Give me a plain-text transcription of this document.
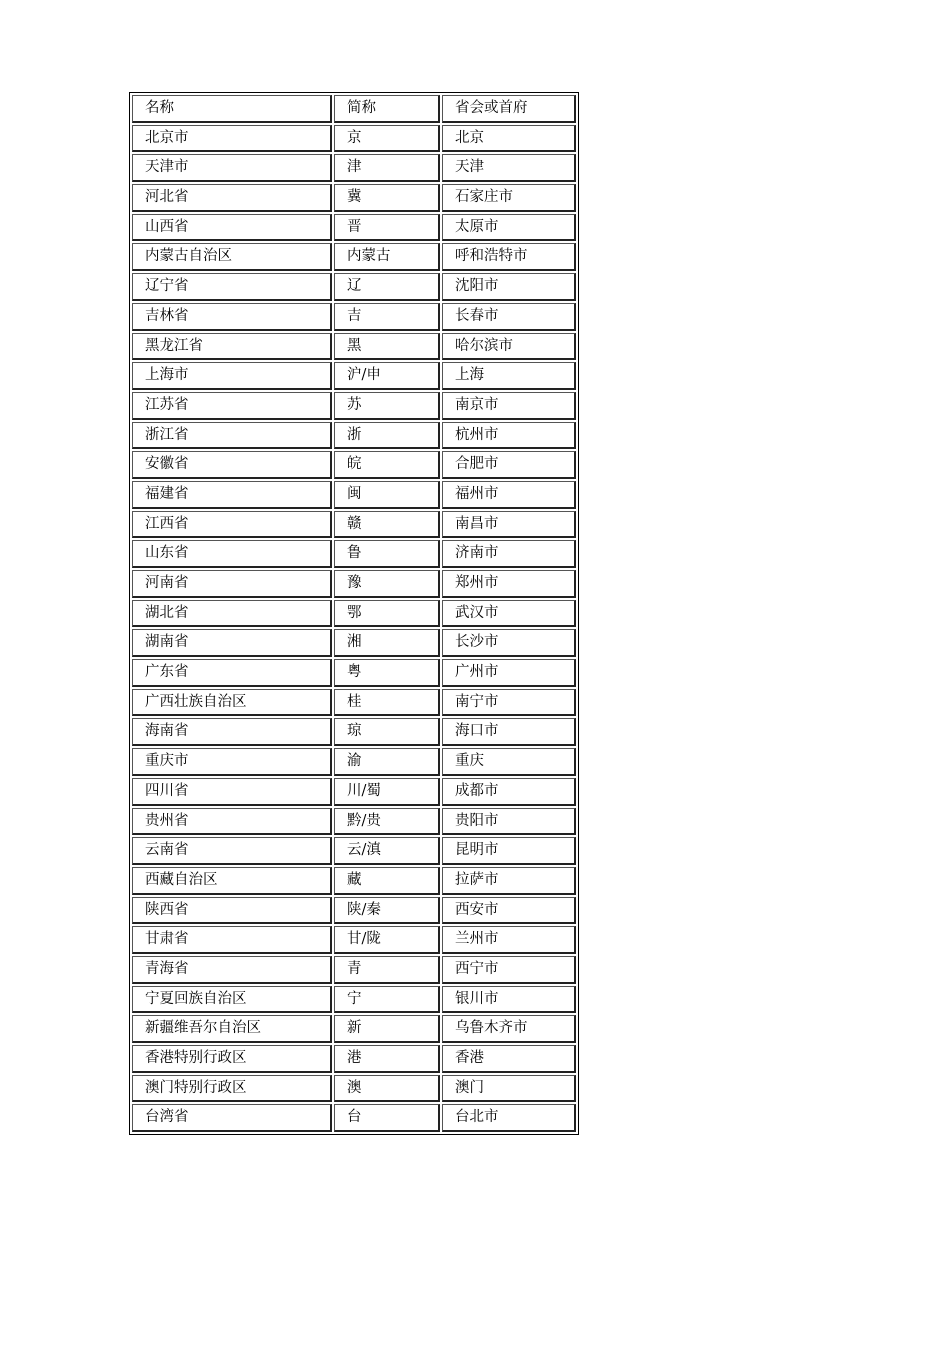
名称	简称	省会或首府
北京市	京	北京
天津市	津	天津
河北省	冀	石家庄市
山西省	晋	太原市
内蒙古自治区	内蒙古	呼和浩特市
辽宁省	辽	沈阳市
吉林省	吉	长春市
黑龙江省	黑	哈尔滨市
上海市	沪/申	上海
江苏省	苏	南京市
浙江省	浙	杭州市
安徽省	皖	合肥市
福建省	闽	福州市
江西省	赣	南昌市
山东省	鲁	济南市
河南省	豫	郑州市
湖北省	鄂	武汉市
湖南省	湘	长沙市
广东省	粤	广州市
广西壮族自治区	桂	南宁市
海南省	琼	海口市
重庆市	渝	重庆
四川省	川/蜀	成都市
贵州省	黔/贵	贵阳市
云南省	云/滇	昆明市
西藏自治区	藏	拉萨市
陕西省	陕/秦	西安市
甘肃省	甘/陇	兰州市
青海省	青	西宁市
宁夏回族自治区	宁	银川市
新疆维吾尔自治区	新	乌鲁木齐市
香港特别行政区	港	香港
澳门特别行政区	澳	澳门
台湾省	台	台北市
